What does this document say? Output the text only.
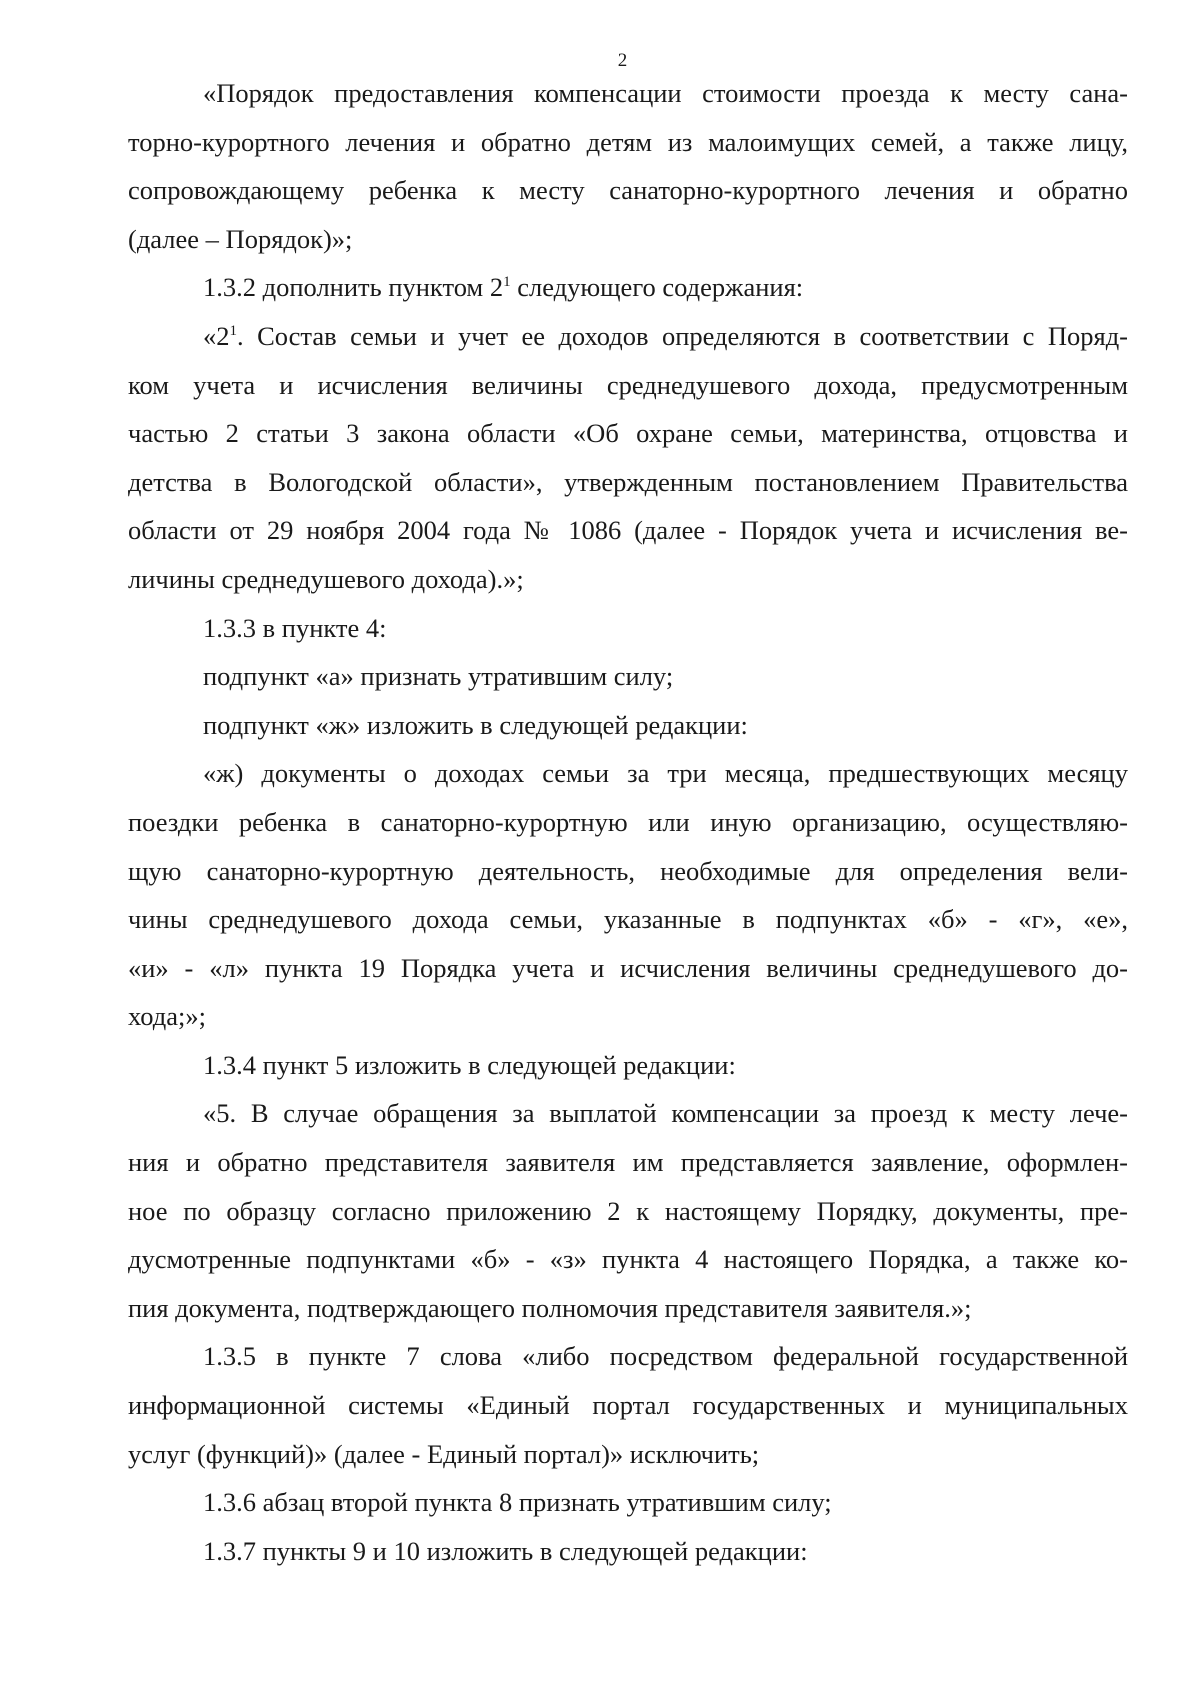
2
«Порядок предоставления компенсации стоимости проезда к месту сана-
торно-курортного лечения и обратно детям из малоимущих семей, а также лицу,
сопровождающему ребенка к месту санаторно-курортного лечения и обратно
(далее – Порядок)»;
1.3.2 дополнить пунктом $2^1$ следующего содержания:
«$2^1$. Состав семьи и учет ее доходов определяются в соответствии с Поряд-
ком учета и исчисления величины среднедушевого дохода, предусмотренным
частью 2 статьи 3 закона области «Об охране семьи, материнства, отцовства и
детства в Вологодской области», утвержденным постановлением Правительства
области от 29 ноября 2004 года № 1086 (далее - Порядок учета и исчисления ве-
личины среднедушевого дохода).»;
1.3.3 в пункте 4:
подпункт «а» признать утратившим силу;
подпункт «ж» изложить в следующей редакции:
«ж) документы о доходах семьи за три месяца, предшествующих месяцу
поездки ребенка в санаторно-курортную или иную организацию, осуществляю-
щую санаторно-курортную деятельность, необходимые для определения вели-
чины среднедушевого дохода семьи, указанные в подпунктах «б» - «г», «е»,
«и» - «л» пункта 19 Порядка учета и исчисления величины среднедушевого до-
хода;»;
1.3.4 пункт 5 изложить в следующей редакции:
«5. В случае обращения за выплатой компенсации за проезд к месту лече-
ния и обратно представителя заявителя им представляется заявление, оформлен-
ное по образцу согласно приложению 2 к настоящему Порядку, документы, пре-
дусмотренные подпунктами «б» - «з» пункта 4 настоящего Порядка, а также ко-
пия документа, подтверждающего полномочия представителя заявителя.»;
1.3.5 в пункте 7 слова «либо посредством федеральной государственной
информационной системы «Единый портал государственных и муниципальных
услуг (функций)» (далее - Единый портал)» исключить;
1.3.6 абзац второй пункта 8 признать утратившим силу;
1.3.7 пункты 9 и 10 изложить в следующей редакции:
